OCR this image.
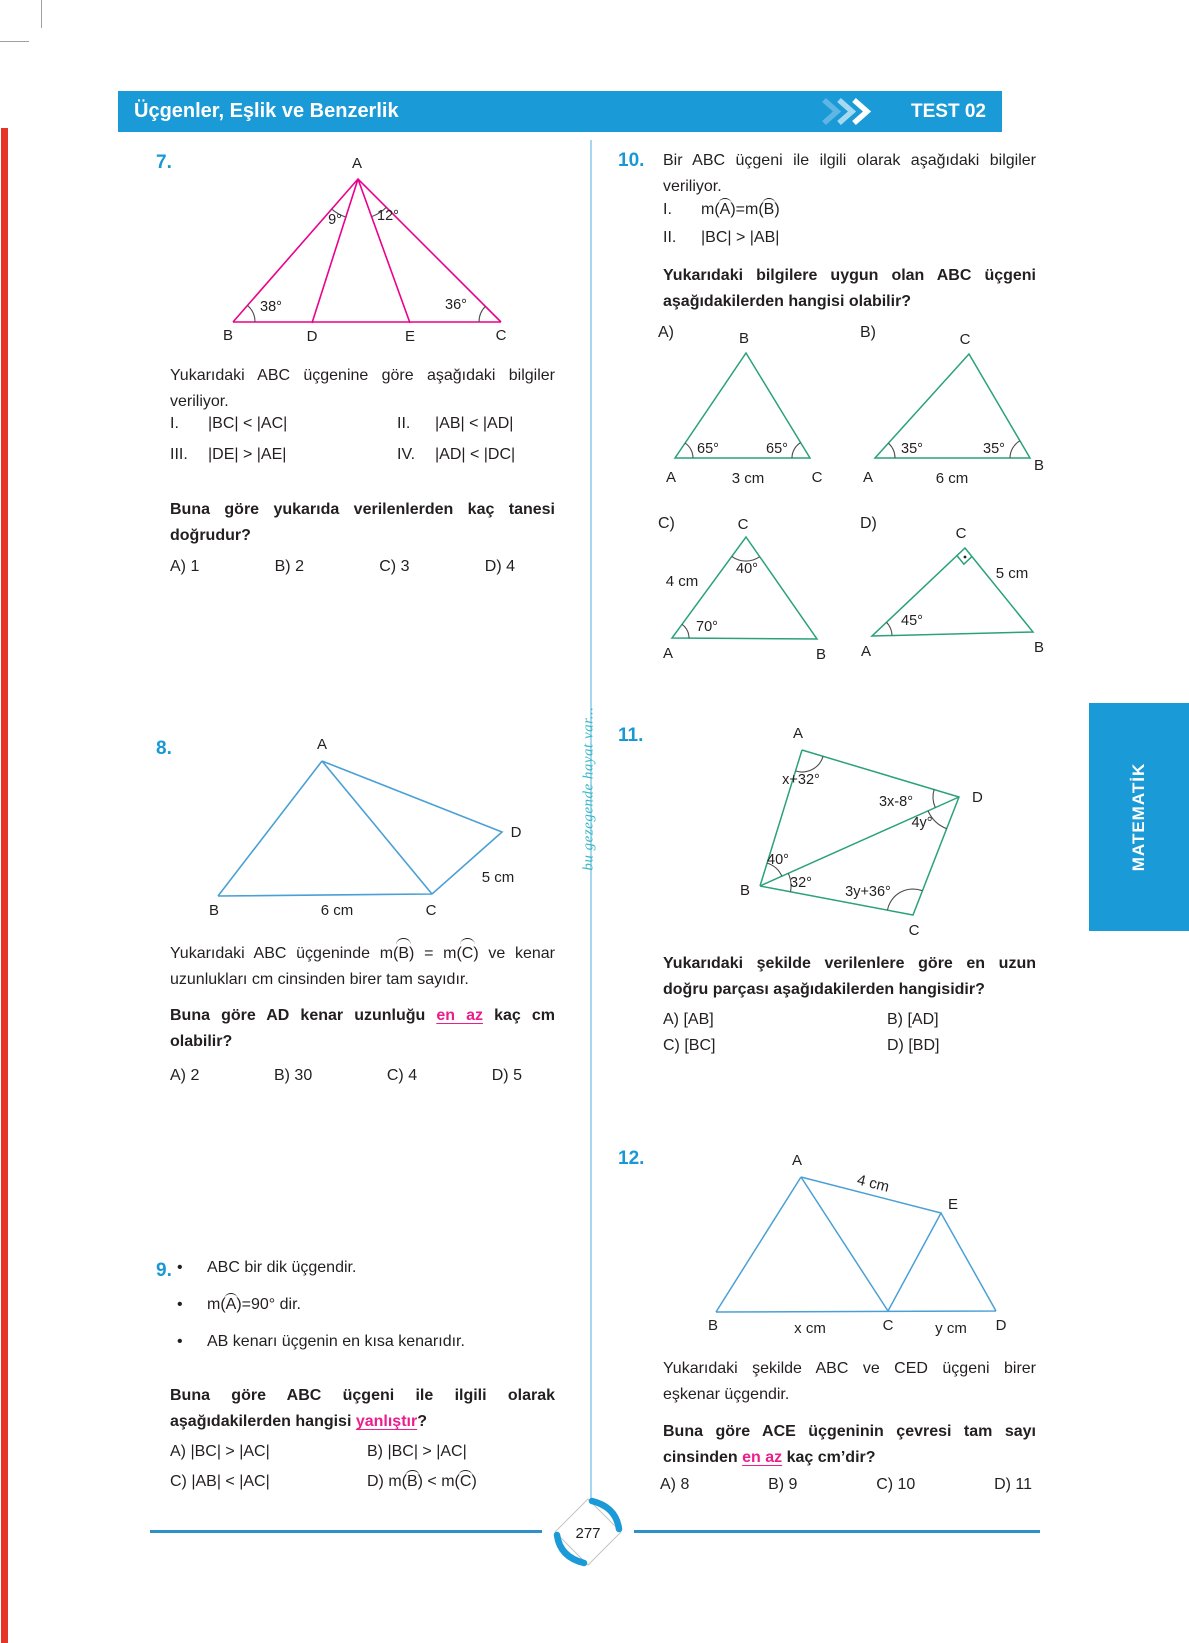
Üçgenler, Eşlik ve Benzerlik	TEST 02
bu gezegende hayat var...
7.	A
B	D	E	C
9° 12°
38°	36°
Yukarıdaki ABC üçgenine göre aşağıdaki bilgiler veriliyor.
I.	|BC| < |AC|	II.	|AB| < |AD|
III.	|DE| > |AE|	IV.	|AD| < |DC|
Buna göre yukarıda verilenlerden kaç tanesi doğrudur?
A) 1	B) 2	C) 3	D) 4
8.	A
B	C
D
5 cm
6 cm
Yukarıdaki ABC üçgeninde m(B) = m(C) ve kenar uzunlukları cm cinsinden birer tam sayıdır.
Buna göre AD kenar uzunluğu en az kaç cm olabilir?
A) 2	B) 30	C) 4	D) 5
9. •	ABC bir dik üçgendir.
•	m(A)=90° dir.
•	AB kenarı üçgenin en kısa kenarıdır.
Buna göre ABC üçgeni ile ilgili olarak aşağıdakilerden hangisi yanlıştır?
A) |BC| > |AC|	B) |BC| > |AC|
C) |AB| < |AC|	D) m(B) < m(C)
10. Bir ABC üçgeni ile ilgili olarak aşağıdaki bilgiler veriliyor.
I. m(A)=m(B)
II. |BC| > |AB|
Yukarıdaki bilgilere uygun olan ABC üçgeni aşağıdakilerden hangisi olabilir?
A)	B)
C)	D)
B
A	C
65°	65°
3 cm
C
A
B
35°	35°
6 cm
C
A	B
40°
70°
4 cm
C
A	B
45°
5 cm
11.	A
D
B
C
x+32°
3x-8°
4y°
40°
32°
3y+36°
Yukarıdaki şekilde verilenlere göre en uzun doğru parçası aşağıdakilerden hangisidir?
A) [AB]	B) [AD]
C) [BC]	D) [BD]
12.	A
E
B	C	D
x cm	y cm
4 cm
Yukarıdaki şekilde ABC ve CED üçgeni birer eşkenar üçgendir.
Buna göre ACE üçgeninin çevresi tam sayı cinsinden en az kaç cm’dir?
A) 8	B) 9	C) 10	D) 11
MATEMATİK
277
